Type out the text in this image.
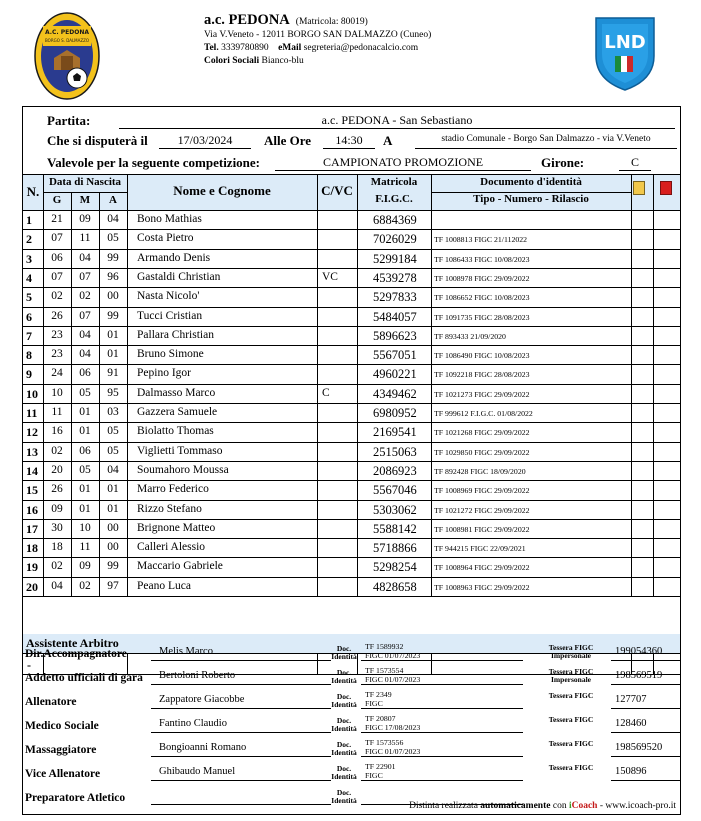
A.C. PEDONA
BORGO S. DALMAZZO
a.c. PEDONA (Matricola: 80019)
Via V.Veneto - 12011 BORGO SAN DALMAZZO (Cuneo)
Tel. 3339780890 eMail segreteria@pedonacalcio.com
Colori Sociali Bianco-blu
LND
Partita:	a.c. PEDONA - San Sebastiano
Che si disputerà il	17/03/2024	Alle Ore	14:30	A	stadio Comunale - Borgo San Dalmazzo - via V.Veneto
Valevole per la seguente competizione:	CAMPIONATO PROMOZIONE	Girone:	C
N.
Data di Nascita
G	M	A
Nome e Cognome	C/VC
Matricola
F.I.G.C.
Documento d'identità
Tipo - Numero - Rilascio
1	21	09	04	Bono Mathias	6884369
2	07	11	05	Costa Pietro	7026029	TF 1008813 FIGC 21/112022
3	06	04	99	Armando Denis	5299184	TF 1086433 FIGC 10/08/2023
4	07	07	96	Gastaldi Christian	VC	4539278	TF 1008978 FIGC 29/09/2022
5	02	02	00	Nasta Nicolo'	5297833	TF 1086652 FIGC 10/08/2023
6	26	07	99	Tucci Cristian	5484057	TF 1091735 FIGC 28/08/2023
7	23	04	01	Pallara Christian	5896623	TF 893433 21/09/2020
8	23	04	01	Bruno Simone	5567051	TF 1086490 FIGC 10/08/2023
9	24	06	91	Pepino Igor	4960221	TF 1092218 FIGC 28/08/2023
10	10	05	95	Dalmasso Marco	C	4349462	TF 1021273 FIGC 29/09/2022
11	11	01	03	Gazzera Samuele	6980952	TF 999612 F.I.G.C. 01/08/2022
12	16	01	05	Biolatto Thomas	2169541	TF 1021268 FIGC 29/09/2022
13	02	06	05	Viglietti Tommaso	2515063	TF 1029850 FIGC 29/09/2022
14	20	05	04	Soumahoro Moussa	2086923	TF 892428 FIGC 18/09/2020
15	26	01	01	Marro Federico	5567046	TF 1008969 FIGC 29/09/2022
16	09	01	01	Rizzo Stefano	5303062	TF 1021272 FIGC 29/09/2022
17	30	10	00	Brignone Matteo	5588142	TF 1008981 FIGC 29/09/2022
18	18	11	00	Calleri Alessio	5718866	TF 944215 FIGC 22/09/2021
19	02	09	99	Maccario Gabriele	5298254	TF 1008964 FIGC 29/09/2022
20	04	02	97	Peano Luca	4828658	TF 1008963 FIGC 29/09/2022
Assistente Arbitro
-
Dir.Accompagnatore	Melis Marco	Doc. Identità
TF 1589932
FIGC 01/07/2023
Tessera FIGC Impersonale	199054360
Addetto ufficiali di gara	Bertoloni Roberto	Doc. Identità
TF 1573554
FIGC 01/07/2023
Tessera FIGC Impersonale	198569519
Allenatore	Zappatore Giacobbe	Doc. Identità
TF 2349
FIGC
Tessera FIGC	127707
Medico Sociale	Fantino Claudio	Doc. Identità
TF 20807
FIGC 17/08/2023
Tessera FIGC	128460
Massaggiatore	Bongioanni Romano	Doc. Identità
TF 1573556
FIGC 01/07/2023
Tessera FIGC	198569520
Vice Allenatore	Ghibaudo Manuel	Doc. Identità
TF 22901
FIGC
Tessera FIGC	150896
Preparatore Atletico	Doc. Identità
Distinta realizzata automaticamente con iCoach - www.icoach-pro.it
